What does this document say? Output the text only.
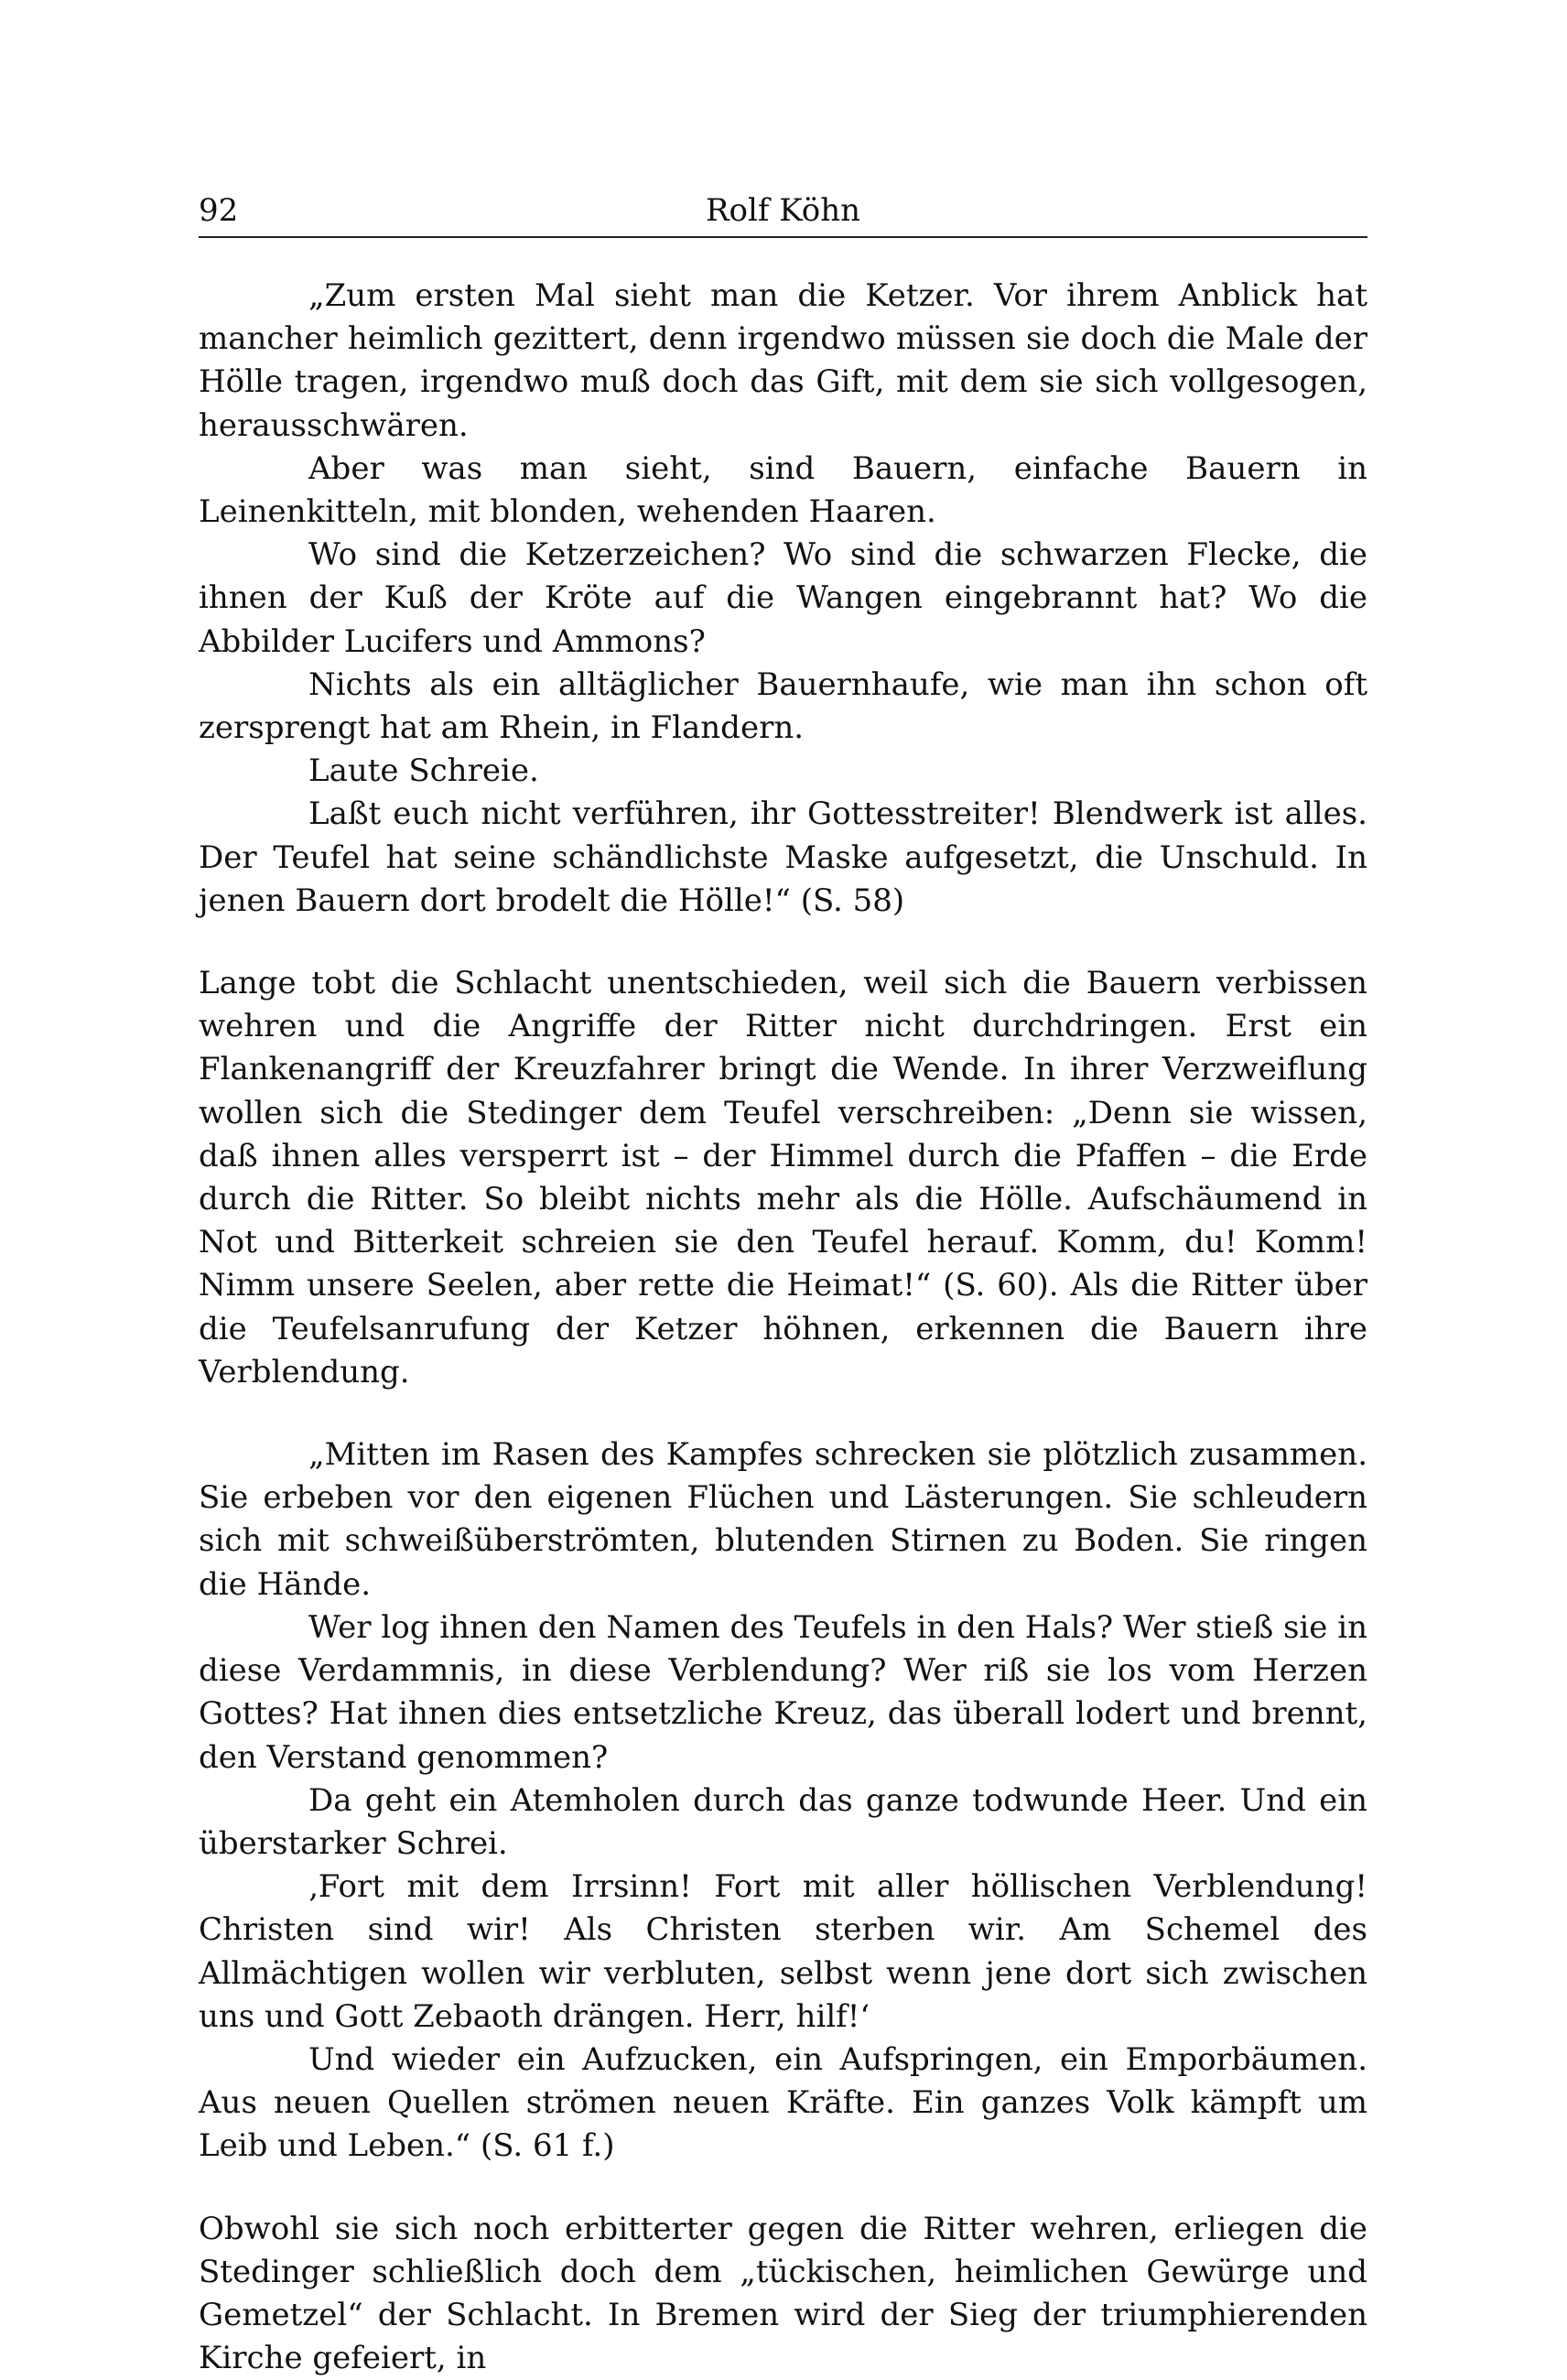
92	Rolf Köhn

„Zum ersten Mal sieht man die Ketzer. Vor ihrem Anblick hat mancher heimlich gezittert, denn irgendwo müssen sie doch die Male der Hölle tragen, irgendwo muß doch das Gift, mit dem sie sich vollgesogen, herausschwären.

Aber was man sieht, sind Bauern, einfache Bauern in Leinenkitteln, mit blonden, wehenden Haaren.

Wo sind die Ketzerzeichen? Wo sind die schwarzen Flecke, die ihnen der Kuß der Kröte auf die Wangen eingebrannt hat? Wo die Abbilder Lucifers und Ammons?

Nichts als ein alltäglicher Bauernhaufe, wie man ihn schon oft zersprengt hat am Rhein, in Flandern.

Laute Schreie.

Laßt euch nicht verführen, ihr Gottesstreiter! Blendwerk ist alles. Der Teufel hat seine schändlichste Maske aufgesetzt, die Unschuld. In jenen Bauern dort brodelt die Hölle!“ (S. 58)

Lange tobt die Schlacht unentschieden, weil sich die Bauern verbissen wehren und die Angriffe der Ritter nicht durchdringen. Erst ein Flankenangriff der Kreuzfahrer bringt die Wende. In ihrer Verzweiflung wollen sich die Stedinger dem Teufel verschreiben: „Denn sie wissen, daß ihnen alles versperrt ist – der Himmel durch die Pfaffen – die Erde durch die Ritter. So bleibt nichts mehr als die Hölle. Aufschäumend in Not und Bitterkeit schreien sie den Teufel herauf. Komm, du! Komm! Nimm unsere Seelen, aber rette die Heimat!“ (S. 60). Als die Ritter über die Teufelsanrufung der Ketzer höhnen, erkennen die Bauern ihre Verblendung.

„Mitten im Rasen des Kampfes schrecken sie plötzlich zusammen. Sie erbeben vor den eigenen Flüchen und Lästerungen. Sie schleudern sich mit schweißüberströmten, blutenden Stirnen zu Boden. Sie ringen die Hände.

Wer log ihnen den Namen des Teufels in den Hals? Wer stieß sie in diese Verdammnis, in diese Verblendung? Wer riß sie los vom Herzen Gottes? Hat ihnen dies entsetzliche Kreuz, das überall lodert und brennt, den Verstand genommen?

Da geht ein Atemholen durch das ganze todwunde Heer. Und ein überstarker Schrei.

‚Fort mit dem Irrsinn! Fort mit aller höllischen Verblendung! Christen sind wir! Als Christen sterben wir. Am Schemel des Allmächtigen wollen wir verbluten, selbst wenn jene dort sich zwischen uns und Gott Zebaoth drängen. Herr, hilf!‘

Und wieder ein Aufzucken, ein Aufspringen, ein Emporbäumen. Aus neuen Quellen strömen neuen Kräfte. Ein ganzes Volk kämpft um Leib und Leben.“ (S. 61 f.)

Obwohl sie sich noch erbitterter gegen die Ritter wehren, erliegen die Stedinger schließlich doch dem „tückischen, heimlichen Gewürge und Gemetzel“ der Schlacht. In Bremen wird der Sieg der triumphierenden Kirche gefeiert, in
